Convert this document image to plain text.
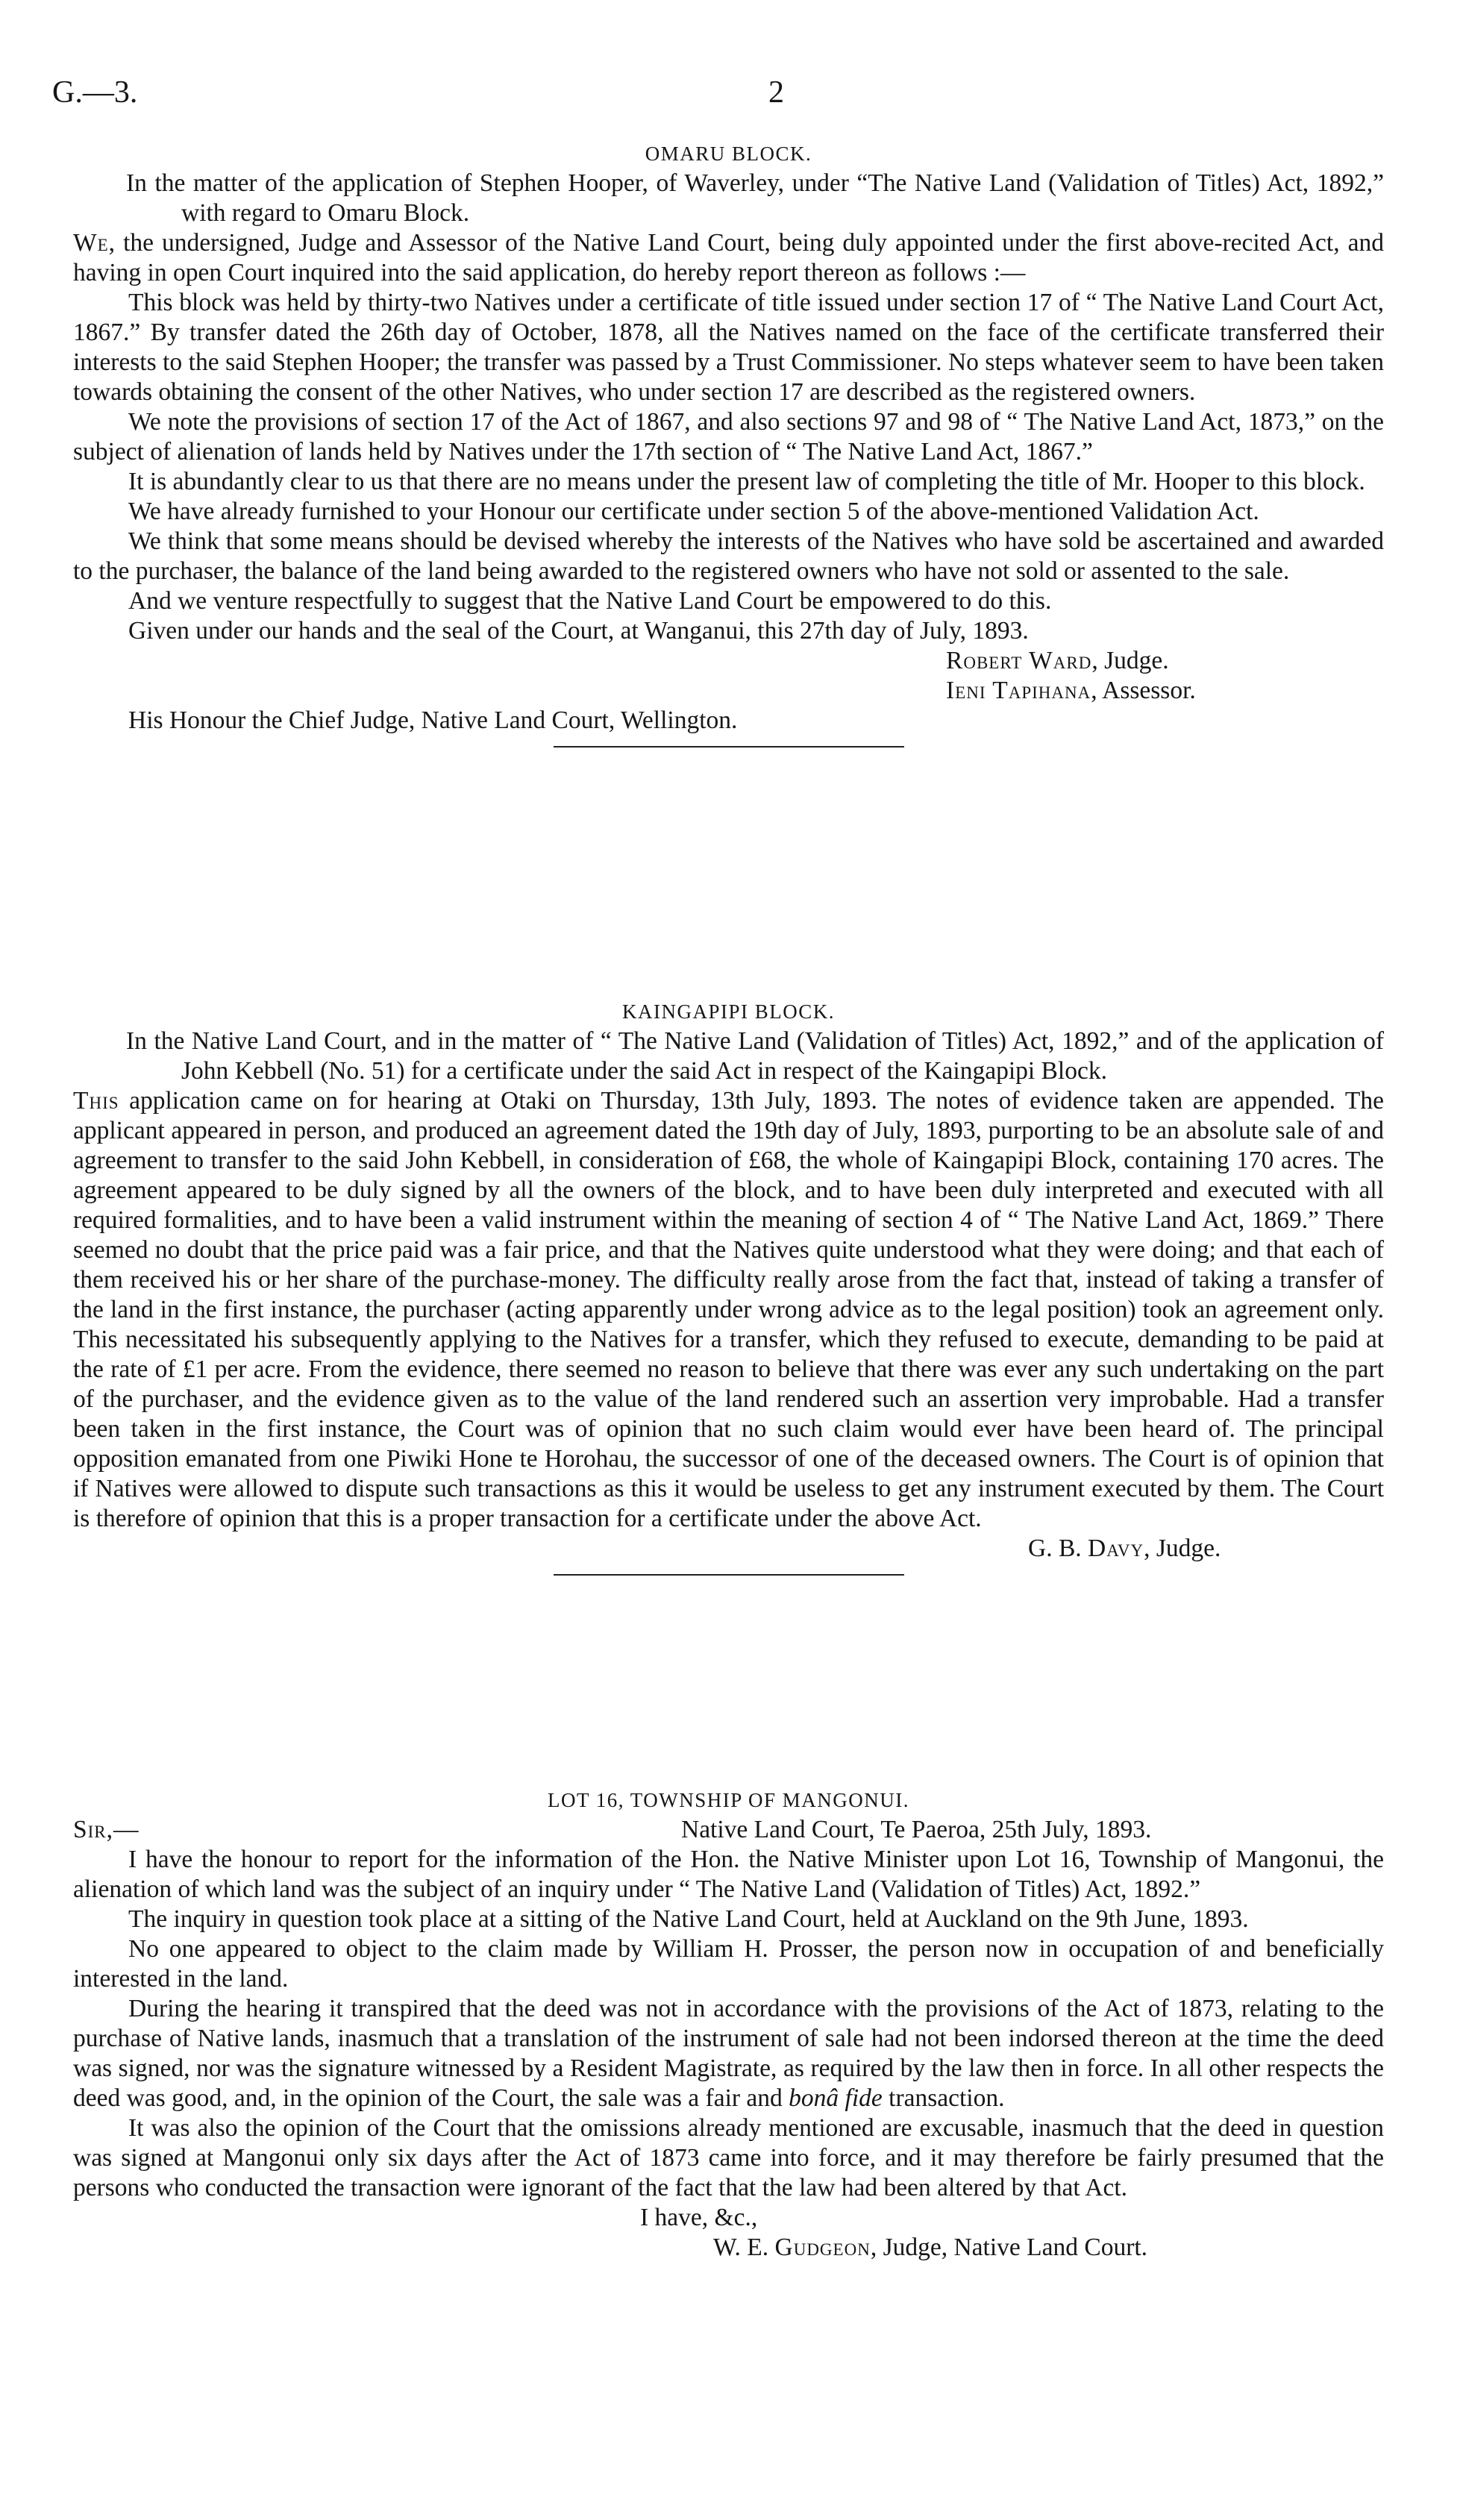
G.—3.	2

OMARU BLOCK.

In the matter of the application of Stephen Hooper, of Waverley, under “The Native Land (Validation of Titles) Act, 1892,” with regard to Omaru Block.

We, the undersigned, Judge and Assessor of the Native Land Court, being duly appointed under the first above-recited Act, and having in open Court inquired into the said application, do hereby report thereon as follows :—

This block was held by thirty-two Natives under a certificate of title issued under section 17 of “ The Native Land Court Act, 1867.” By transfer dated the 26th day of October, 1878, all the Natives named on the face of the certificate transferred their interests to the said Stephen Hooper; the transfer was passed by a Trust Commissioner. No steps whatever seem to have been taken towards obtaining the consent of the other Natives, who under section 17 are described as the registered owners.

We note the provisions of section 17 of the Act of 1867, and also sections 97 and 98 of “ The Native Land Act, 1873,” on the subject of alienation of lands held by Natives under the 17th section of “ The Native Land Act, 1867.”

It is abundantly clear to us that there are no means under the present law of completing the title of Mr. Hooper to this block.

We have already furnished to your Honour our certificate under section 5 of the above-mentioned Validation Act.

We think that some means should be devised whereby the interests of the Natives who have sold be ascertained and awarded to the purchaser, the balance of the land being awarded to the registered owners who have not sold or assented to the sale.

And we venture respectfully to suggest that the Native Land Court be empowered to do this.

Given under our hands and the seal of the Court, at Wanganui, this 27th day of July, 1893.

Robert Ward, Judge.

Ieni Tapihana, Assessor.

His Honour the Chief Judge, Native Land Court, Wellington.

KAINGAPIPI BLOCK.

In the Native Land Court, and in the matter of “ The Native Land (Validation of Titles) Act, 1892,” and of the application of John Kebbell (No. 51) for a certificate under the said Act in respect of the Kaingapipi Block.

This application came on for hearing at Otaki on Thursday, 13th July, 1893. The notes of evidence taken are appended. The applicant appeared in person, and produced an agreement dated the 19th day of July, 1893, purporting to be an absolute sale of and agreement to transfer to the said John Kebbell, in consideration of £68, the whole of Kaingapipi Block, containing 170 acres. The agreement appeared to be duly signed by all the owners of the block, and to have been duly interpreted and executed with all required formalities, and to have been a valid instrument within the meaning of section 4 of “ The Native Land Act, 1869.” There seemed no doubt that the price paid was a fair price, and that the Natives quite understood what they were doing; and that each of them received his or her share of the purchase-money. The difficulty really arose from the fact that, instead of taking a transfer of the land in the first instance, the purchaser (acting apparently under wrong advice as to the legal position) took an agreement only. This necessitated his subsequently applying to the Natives for a transfer, which they refused to execute, demanding to be paid at the rate of £1 per acre. From the evidence, there seemed no reason to believe that there was ever any such undertaking on the part of the purchaser, and the evidence given as to the value of the land rendered such an assertion very improbable. Had a transfer been taken in the first instance, the Court was of opinion that no such claim would ever have been heard of. The principal opposition emanated from one Piwiki Hone te Horohau, the successor of one of the deceased owners. The Court is of opinion that if Natives were allowed to dispute such transactions as this it would be useless to get any instrument executed by them. The Court is therefore of opinion that this is a proper transaction for a certificate under the above Act.

G. B. Davy, Judge.

LOT 16, TOWNSHIP OF MANGONUI.

Sir,—	Native Land Court, Te Paeroa, 25th July, 1893.

I have the honour to report for the information of the Hon. the Native Minister upon Lot 16, Township of Mangonui, the alienation of which land was the subject of an inquiry under “ The Native Land (Validation of Titles) Act, 1892.”

The inquiry in question took place at a sitting of the Native Land Court, held at Auckland on the 9th June, 1893.

No one appeared to object to the claim made by William H. Prosser, the person now in occupation of and beneficially interested in the land.

During the hearing it transpired that the deed was not in accordance with the provisions of the Act of 1873, relating to the purchase of Native lands, inasmuch that a translation of the instrument of sale had not been indorsed thereon at the time the deed was signed, nor was the signature witnessed by a Resident Magistrate, as required by the law then in force. In all other respects the deed was good, and, in the opinion of the Court, the sale was a fair and bonâ fide transaction.

It was also the opinion of the Court that the omissions already mentioned are excusable, inasmuch that the deed in question was signed at Mangonui only six days after the Act of 1873 came into force, and it may therefore be fairly presumed that the persons who conducted the transaction were ignorant of the fact that the law had been altered by that Act.

I have, &c.,

W. E. Gudgeon, Judge, Native Land Court.
